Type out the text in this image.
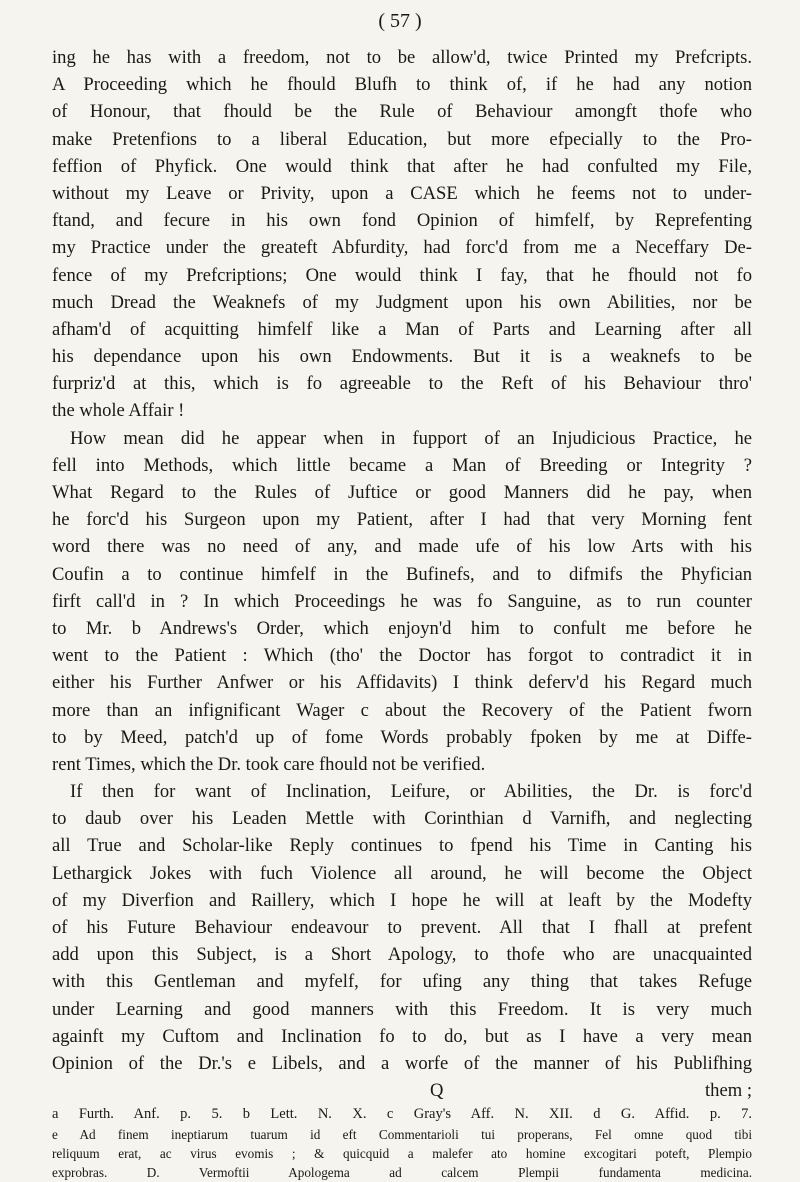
( 57 )
ing he has with a freedom, not to be allow'd, twice Printed my Prefcripts.
A Proceeding which he fhould Blufh to think of, if he had any notion
of Honour, that fhould be the Rule of Behaviour amongft thofe who
make Pretenfions to a liberal Education, but more efpecially to the Pro-
feffion of Phyfick. One would think that after he had confulted my File,
without my Leave or Privity, upon a CASE which he feems not to under-
ftand, and fecure in his own fond Opinion of himfelf, by Reprefenting
my Practice under the greateft Abfurdity, had forc'd from me a Neceffary De-
fence of my Prefcriptions; One would think I fay, that he fhould not fo
much Dread the Weaknefs of my Judgment upon his own Abilities, nor be
afham'd of acquitting himfelf like a Man of Parts and Learning after all
his dependance upon his own Endowments. But it is a weaknefs to be
furpriz'd at this, which is fo agreeable to the Reft of his Behaviour thro'
the whole Affair !
How mean did he appear when in fupport of an Injudicious Practice, he
fell into Methods, which little became a Man of Breeding or Integrity ?
What Regard to the Rules of Juftice or good Manners did he pay, when
he forc'd his Surgeon upon my Patient, after I had that very Morning fent
word there was no need of any, and made ufe of his low Arts with his
Coufin a to continue himfelf in the Bufinefs, and to difmifs the Phyfician
firft call'd in ? In which Proceedings he was fo Sanguine, as to run counter
to Mr. b Andrews's Order, which enjoyn'd him to confult me before he
went to the Patient : Which (tho' the Doctor has forgot to contradict it in
either his Further Anfwer or his Affidavits) I think deferv'd his Regard much
more than an infignificant Wager c about the Recovery of the Patient fworn
to by Meed, patch'd up of fome Words probably fpoken by me at Diffe-
rent Times, which the Dr. took care fhould not be verified.
If then for want of Inclination, Leifure, or Abilities, the Dr. is forc'd
to daub over his Leaden Mettle with Corinthian d Varnifh, and neglecting
all True and Scholar-like Reply continues to fpend his Time in Canting his
Lethargick Jokes with fuch Violence all around, he will become the Object
of my Diverfion and Raillery, which I hope he will at leaft by the Modefty
of his Future Behaviour endeavour to prevent. All that I fhall at prefent
add upon this Subject, is a Short Apology, to thofe who are unacquainted
with this Gentleman and myfelf, for ufing any thing that takes Refuge
under Learning and good manners with this Freedom. It is very much
againft my Cuftom and Inclination fo to do, but as I have a very mean
Opinion of the Dr.'s e Libels, and a worfe of the manner of his Publifhing
Q	them ;
a Furth. Anf. p. 5. b Lett. N. X. c Gray's Aff. N. XII. d G. Affid. p. 7.
e Ad finem ineptiarum tuarum id eft Commentarioli tui properans, Fel omne quod tibi
reliquum erat, ac virus evomis ; & quicquid a malefer ato homine excogitari poteft, Plempio
exprobras. D. Vermoftii Apologema ad calcem Plempii fundamenta medicina.
